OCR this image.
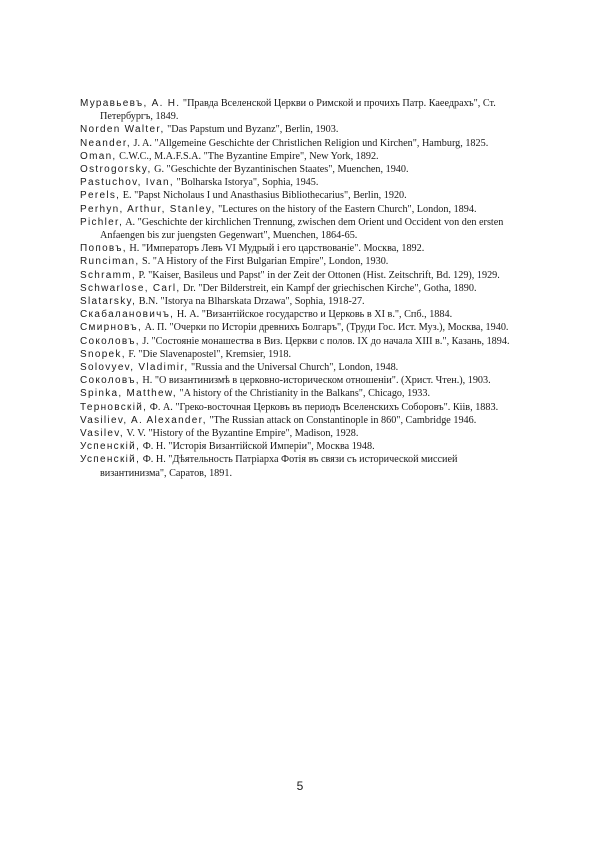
Муравьевъ, А. Н. "Правда Вселенской Церкви о Римской и прочихъ Патр. Каеедрахъ", Ст. Петербургъ, 1849.

Norden Walter, "Das Papstum und Byzanz", Berlin, 1903.

Neander, J. A. "Allgemeine Geschichte der Christlichen Religion und Kirchen", Hamburg, 1825.

Oman, C.W.C., M.A.F.S.A. "The Byzantine Empire", New York, 1892.

Ostrogorsky, G. "Geschichte der Byzantinischen Staates", Muenchen, 1940.

Pastuchov, Ivan, "Bolharska Istorya", Sophia, 1945.

Perels, E. "Papst Nicholaus I und Anasthasius Bibliothecarius", Berlin, 1920.

Perhyn, Arthur, Stanley, "Lectures on the history of the Eastern Church", London, 1894.

Pichler, A. "Geschichte der kirchlichen Trennung, zwischen dem Orient und Occident von den ersten Anfaengen bis zur juengsten Gegenwart", Muenchen, 1864-65.

Поповъ, Н. "Императоръ Левъ VI Мудрый і его царствованіе". Москва, 1892.

Runciman, S. "A History of the First Bulgarian Empire", London, 1930.

Schramm, P. "Kaiser, Basileus und Papst" in der Zeit der Ottonen (Hist. Zeitschrift, Bd. 129), 1929.

Schwarlose, Carl, Dr. "Der Bilderstreit, ein Kampf der griechischen Kirche", Gotha, 1890.

Slatarsky, B.N. "Istorya na Blharskata Drzawa", Sophia, 1918-27.

Скабалановичъ, Н. А. "Византійское государство и Церковь в XI в.", Спб., 1884.

Смирновъ, А. П. "Очерки по Исторіи древнихъ Болгаръ", (Труди Гос. Ист. Муз.), Москва, 1940.

Соколовъ, J. "Состояніе монашества в Виз. Церкви с полов. IX до начала XIII в.", Казань, 1894.

Snopek, F. "Die Slavenapostel", Kremsier, 1918.

Solovyev, Vladimir, "Russia and the Universal Church", London, 1948.

Соколовъ, Н. "О византинизмѣ в церковно-историческом отношеніи". (Христ. Чтен.), 1903.

Spinka, Matthew, "A history of the Christianity in the Balkans", Chicago, 1933.

Терновскій, Ф. А. "Греко-восточная Церковъ въ периодъ Вселенскихъ Соборовъ". Кіів, 1883.

Vasiliev, A. Alexander, "The Russian attack on Constantinople in 860", Cambridge 1946.

Vasilev, V. V. "History of the Byzantine Empire", Madison, 1928.

Успенскій, Ф. Н. "Исторія Византійской Имперіи", Москва 1948.

Успенскій, Ф. Н. "Дѣятельность Патріарха Фотія въ связи съ исторической миссией византинизма", Саратов, 1891.

5
